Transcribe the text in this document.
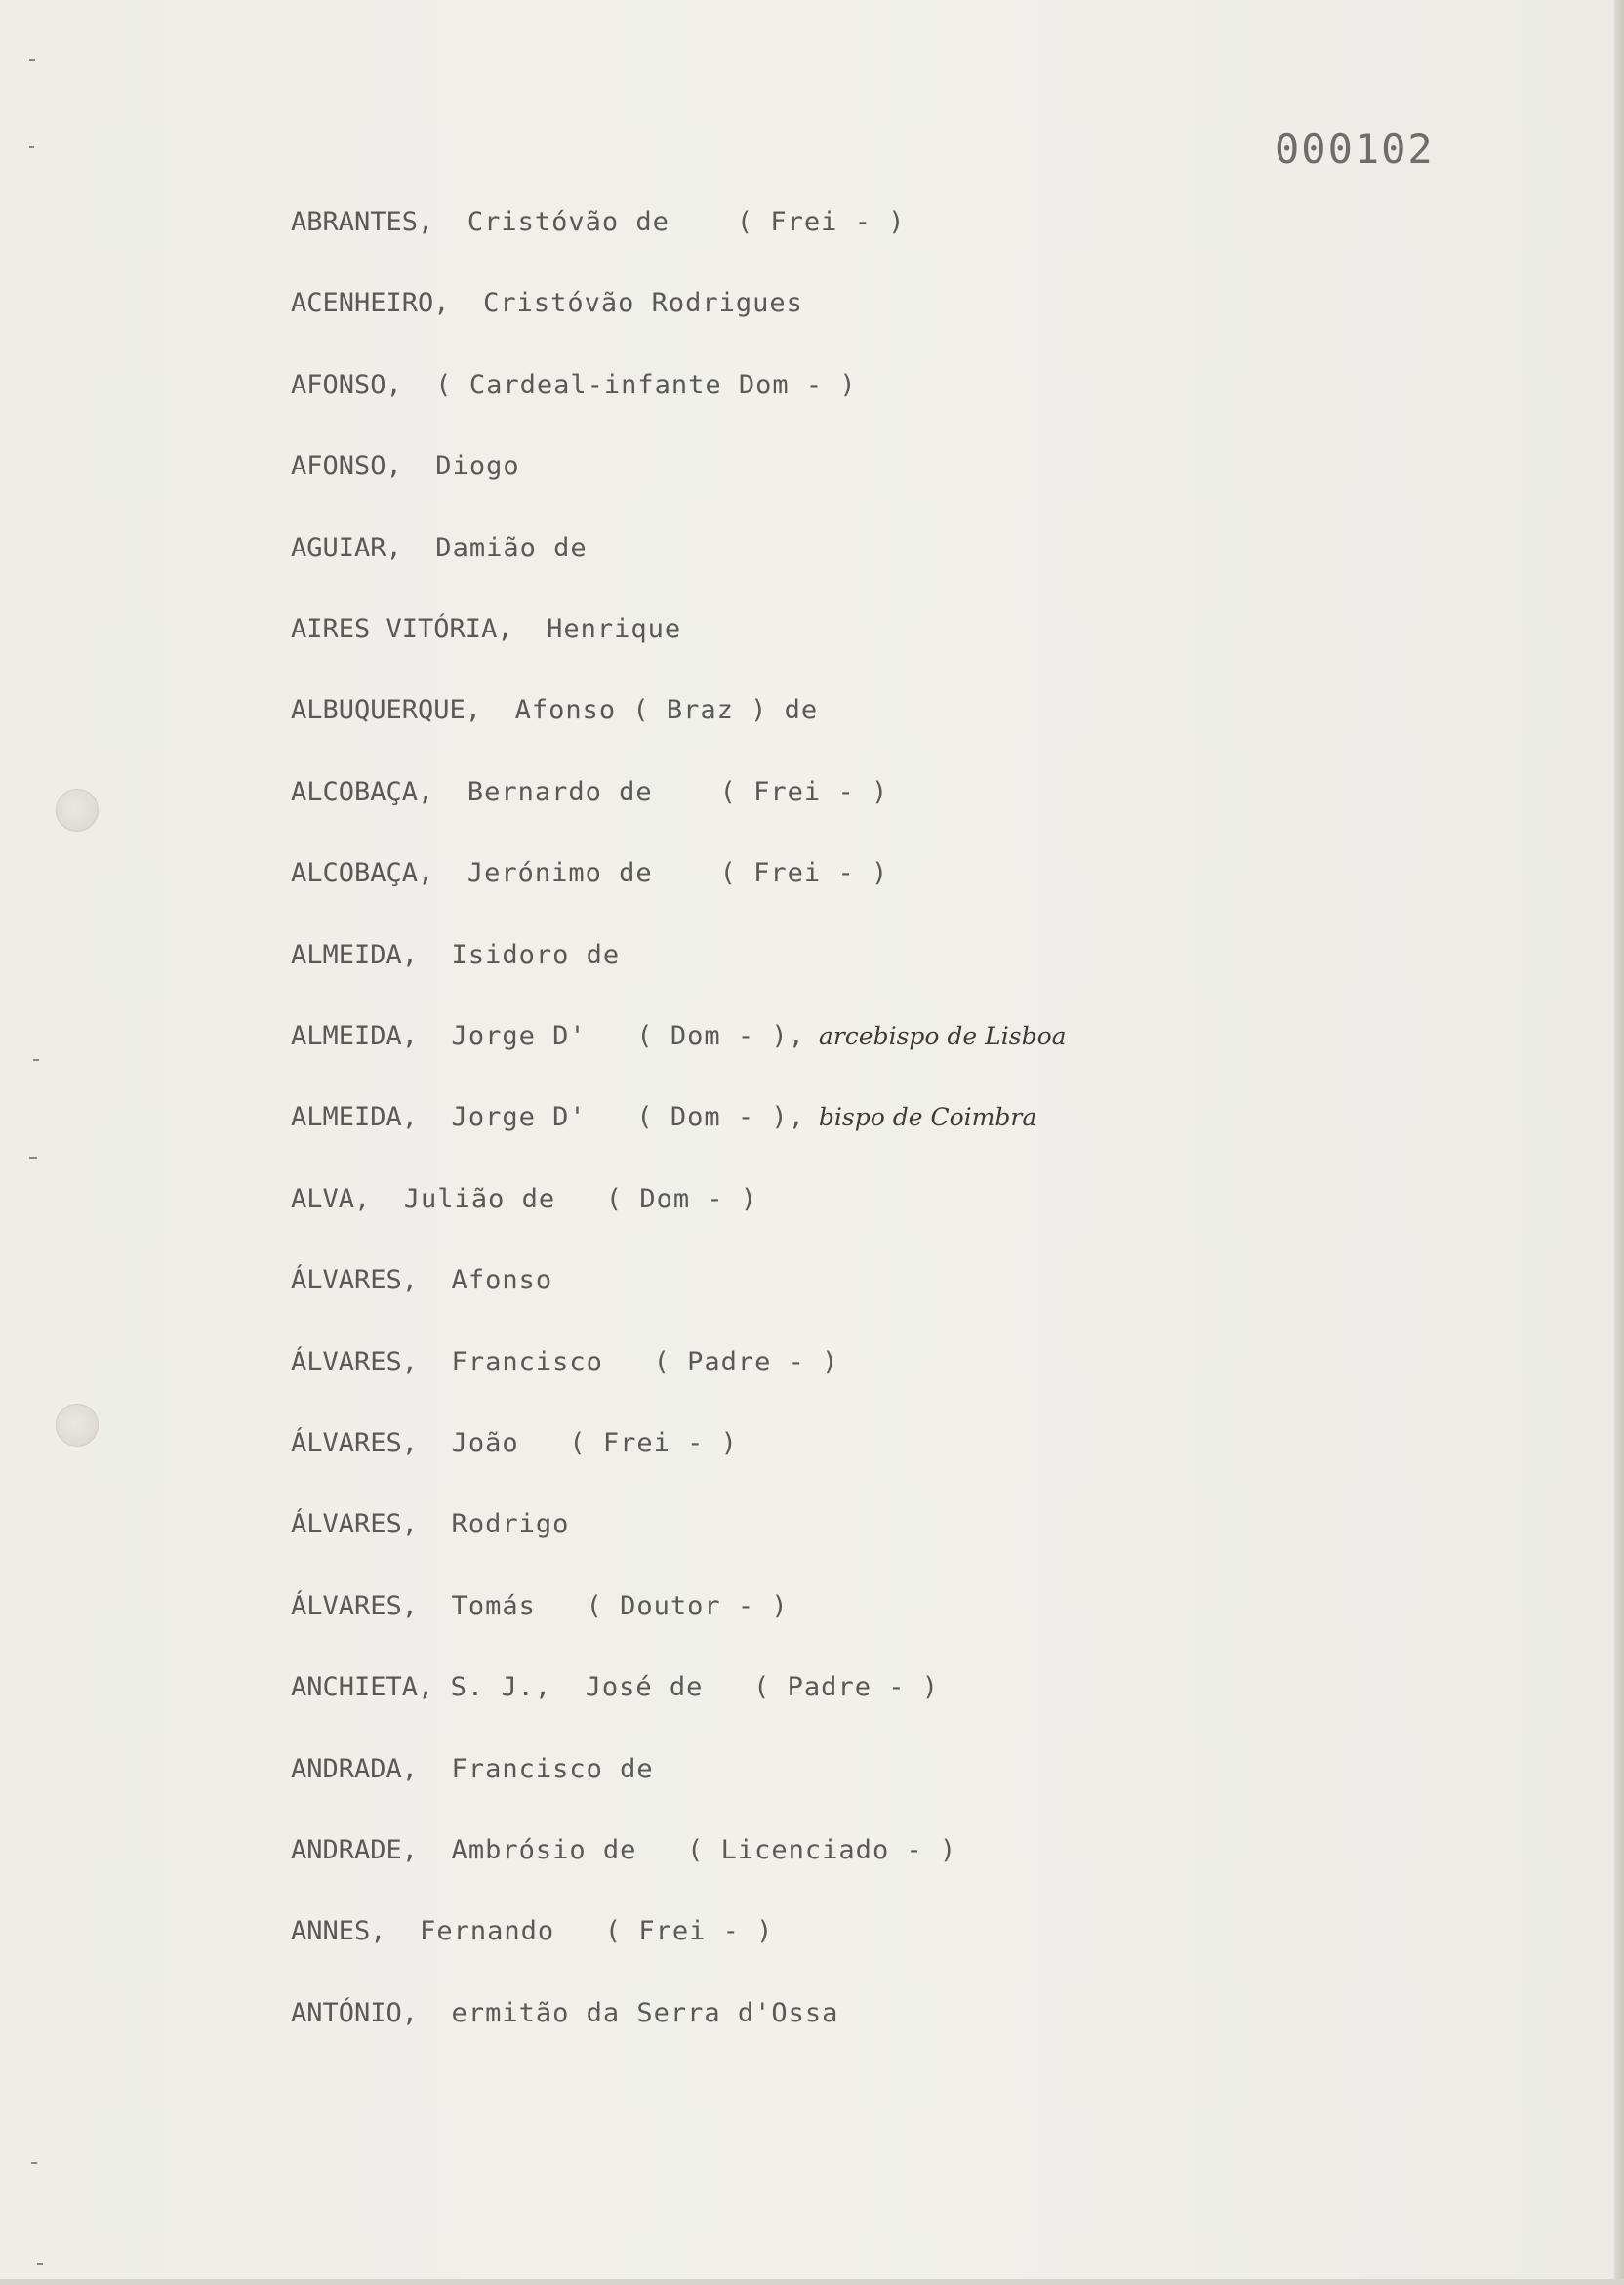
000102
ABRANTES,  Cristóvão de    ( Frei - )
ACENHEIRO,  Cristóvão Rodrigues
AFONSO,  ( Cardeal-infante Dom - )
AFONSO,  Diogo
AGUIAR,  Damião de
AIRES VITÓRIA,  Henrique
ALBUQUERQUE,  Afonso ( Braz ) de
ALCOBAÇA,  Bernardo de    ( Frei - )
ALCOBAÇA,  Jerónimo de    ( Frei - )
ALMEIDA,  Isidoro de
ALMEIDA,  Jorge D'   ( Dom - ), arcebispo de Lisboa
ALMEIDA,  Jorge D'   ( Dom - ), bispo de Coimbra
ALVA,  Julião de   ( Dom - )
ÁLVARES,  Afonso
ÁLVARES,  Francisco   ( Padre - )
ÁLVARES,  João   ( Frei - )
ÁLVARES,  Rodrigo
ÁLVARES,  Tomás   ( Doutor - )
ANCHIETA, S. J.,  José de   ( Padre - )
ANDRADA,  Francisco de
ANDRADE,  Ambrósio de   ( Licenciado - )
ANNES,  Fernando   ( Frei - )
ANTÓNIO,  ermitão da Serra d'Ossa
